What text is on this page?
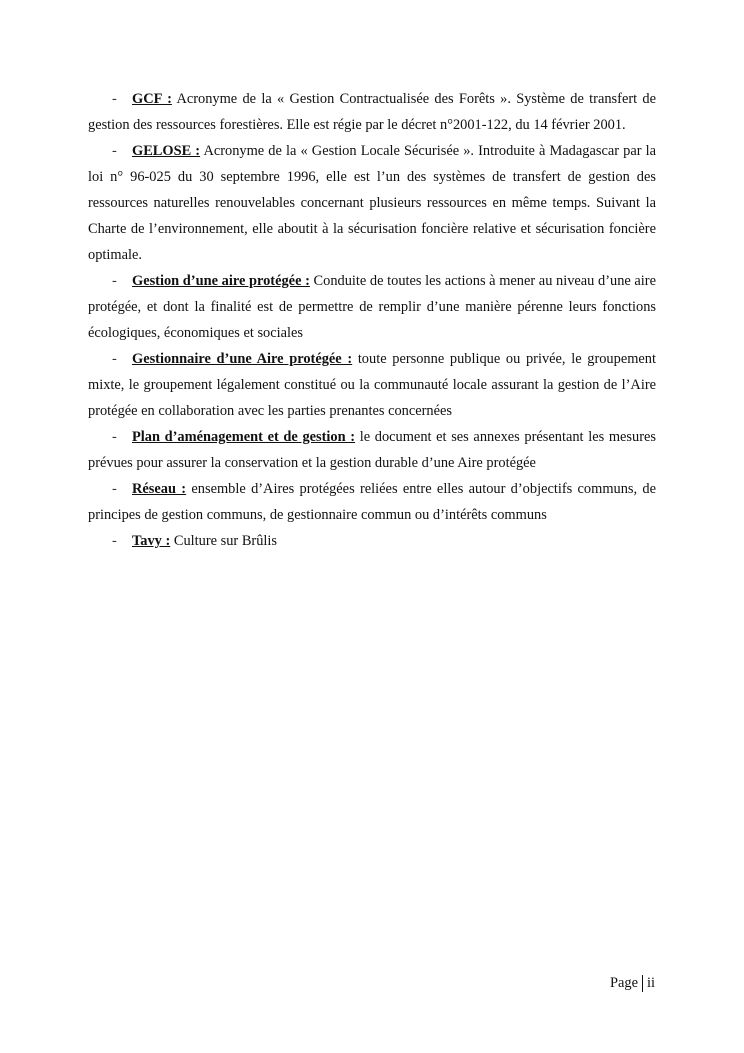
- GCF : Acronyme de la « Gestion Contractualisée des Forêts ». Système de transfert de gestion des ressources forestières. Elle est régie par le décret n°2001-122, du 14 février 2001.

- GELOSE : Acronyme de la « Gestion Locale Sécurisée ». Introduite à Madagascar par la loi n° 96-025 du 30 septembre 1996, elle est l’un des systèmes de transfert de gestion des ressources naturelles renouvelables concernant plusieurs ressources en même temps. Suivant la Charte de l’environnement, elle aboutit à la sécurisation foncière relative et sécurisation foncière optimale.

- Gestion d’une aire protégée : Conduite de toutes les actions à mener au niveau d’une aire protégée, et dont la finalité est de permettre de remplir d’une manière pérenne leurs fonctions écologiques, économiques et sociales

- Gestionnaire d’une Aire protégée : toute personne publique ou privée, le groupement mixte, le groupement légalement constitué ou la communauté locale assurant la gestion de l’Aire protégée en collaboration avec les parties prenantes concernées

- Plan d’aménagement et de gestion : le document et ses annexes présentant les mesures prévues pour assurer la conservation et la gestion durable d’une Aire protégée

- Réseau : ensemble d’Aires protégées reliées entre elles autour d’objectifs communs, de principes de gestion communs, de gestionnaire commun ou d’intérêts communs

- Tavy : Culture sur Brûlis

Page ii
